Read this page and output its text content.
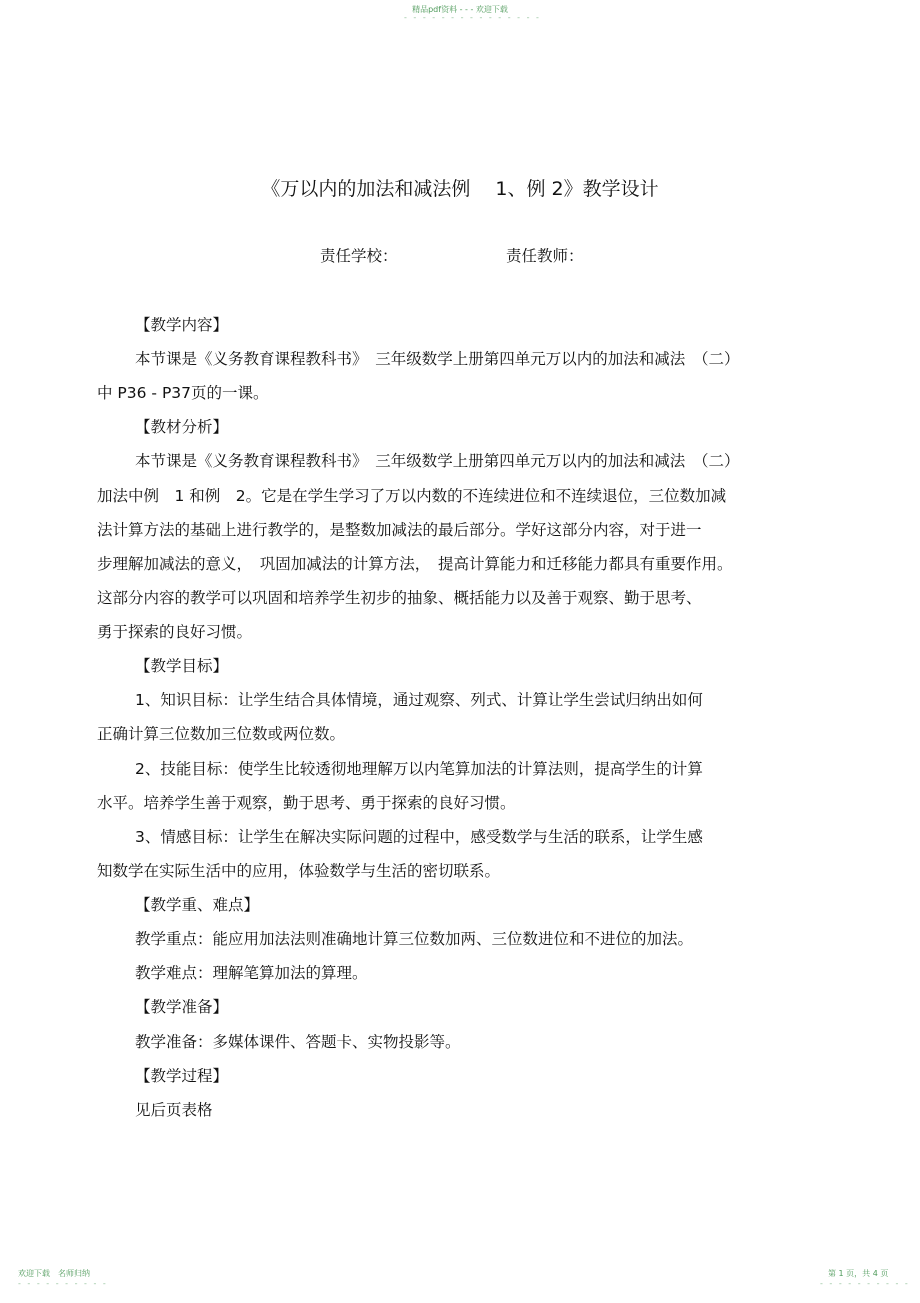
精品pdf资料 - - - 欢迎下载
- - - - - - - - - - - - - - -
《万以内的加法和减法例　 1、例 2》教学设计
责任学校：	责任教师：
【教学内容】
本节课是《义务教育课程教科书》　三年级数学上册第四单元万以内的加法和减法　（二）
中 P36 - P37页的一课。
【教材分析】
本节课是《义务教育课程教科书》　三年级数学上册第四单元万以内的加法和减法　（二）
加法中例　1 和例　2。它是在学生学习了万以内数的不连续进位和不连续退位，三位数加减
法计算方法的基础上进行教学的，是整数加减法的最后部分。学好这部分内容，对于进一
步理解加减法的意义，　巩固加减法的计算方法，　提高计算能力和迁移能力都具有重要作用。
这部分内容的教学可以巩固和培养学生初步的抽象、概括能力以及善于观察、勤于思考、
勇于探索的良好习惯。
【教学目标】
1、知识目标：让学生结合具体情境，通过观察、列式、计算让学生尝试归纳出如何
正确计算三位数加三位数或两位数。
2、技能目标：使学生比较透彻地理解万以内笔算加法的计算法则，提高学生的计算
水平。培养学生善于观察，勤于思考、勇于探索的良好习惯。
3、情感目标：让学生在解决实际问题的过程中，感受数学与生活的联系，让学生感
知数学在实际生活中的应用，体验数学与生活的密切联系。
【教学重、难点】
教学重点：能应用加法法则准确地计算三位数加两、三位数进位和不进位的加法。
教学难点：理解笔算加法的算理。
【教学准备】
教学准备：多媒体课件、答题卡、实物投影等。
【教学过程】
见后页表格
欢迎下载　名师归纳
- - - - - - - - - -
第 1 页，共 4 页
- - - - - - - - - -
